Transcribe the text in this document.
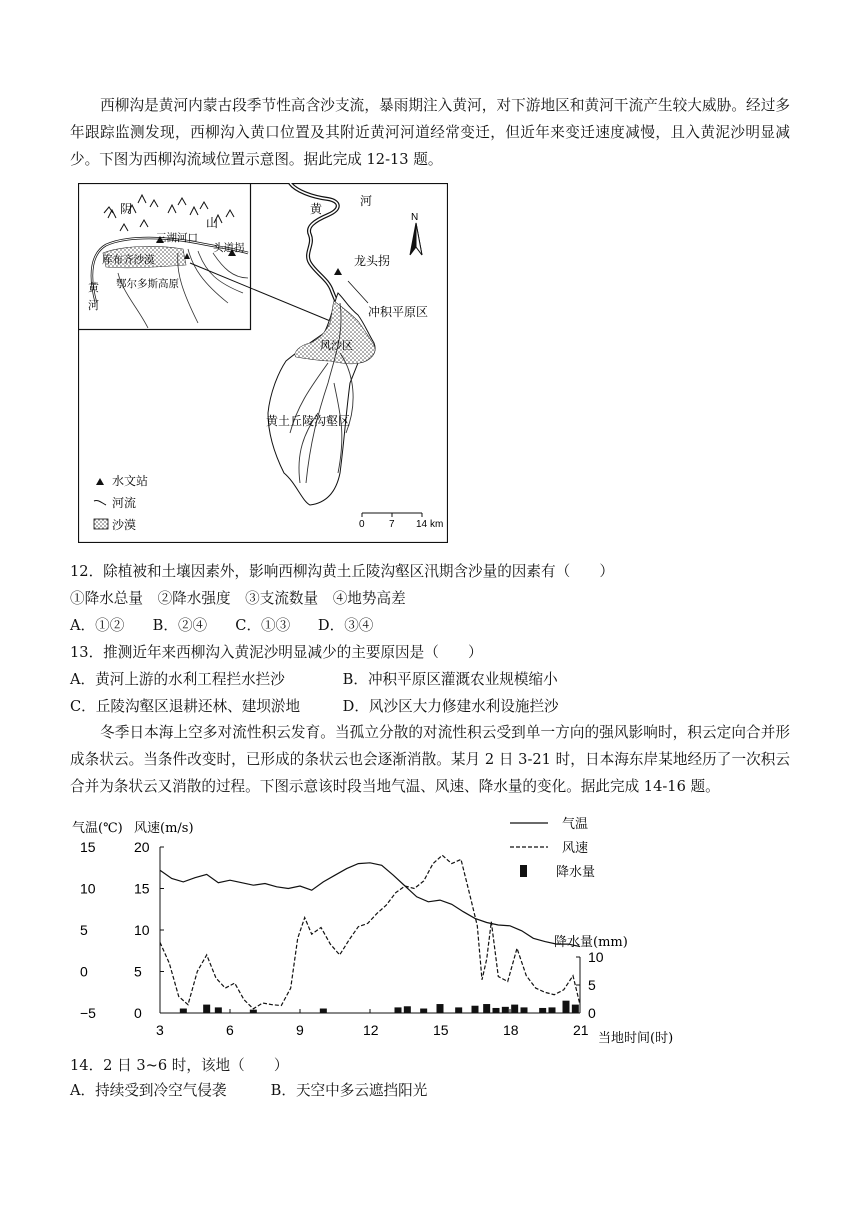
西柳沟是黄河内蒙古段季节性高含沙支流，暴雨期注入黄河，对下游地区和黄河干流产生较大威胁。经过多年跟踪监测发现，西柳沟入黄口位置及其附近黄河河道经常变迁，但近年来变迁速度减慢，且入黄泥沙明显减少。下图为西柳沟流域位置示意图。据此完成 12-13 题。

阴
山
三湖河口
头道拐
库布齐沙漠
黄
河
鄂尔多斯高原
黄
河
N
龙头拐
冲积平原区
风沙区
黄土丘陵沟壑区
水文站
河流
沙漠	0 7 14 km
12．除植被和土壤因素外，影响西柳沟黄土丘陵沟壑区汛期含沙量的因素有（　　）
①降水总量　②降水强度　③支流数量　④地势高差
A．①② B．②④ C．①③ D．③④
13．推测近年来西柳沟入黄泥沙明显减少的主要原因是（　　）
A．黄河上游的水利工程拦水拦沙	B．冲积平原区灌溉农业规模缩小
C．丘陵沟壑区退耕还林、建坝淤地	D．风沙区大力修建水利设施拦沙

冬季日本海上空多对流性积云发育。当孤立分散的对流性积云受到单一方向的强风影响时，积云定向合并形成条状云。当条件改变时，已形成的条状云也会逐渐消散。某月 2 日 3-21 时，日本海东岸某地经历了一次积云合并为条状云又消散的过程。下图示意该时段当地气温、风速、降水量的变化。据此完成 14-16 题。

气温(℃) 风速(m/s)
降水量(mm)
当地时间(时)
气温
风速
降水量
15	20
10	15
5	10
0	5
−5	0
10
5
0
3	6	9	12	15	18	21
14．2 日 3~6 时，该地（　　）
A．持续受到冷空气侵袭	B．天空中多云遮挡阳光
